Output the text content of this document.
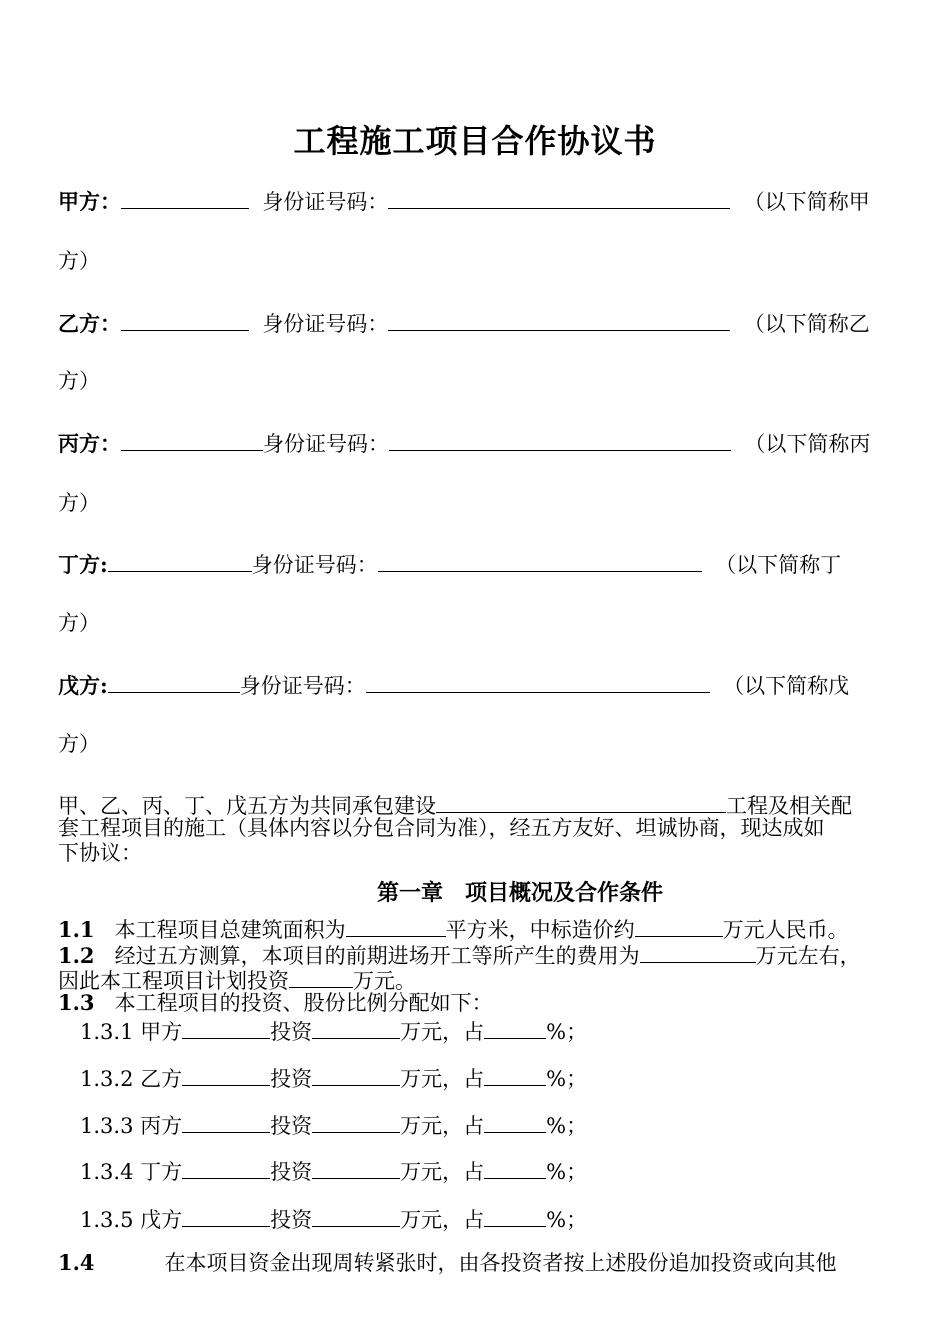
工程施工项目合作协议书
甲方：	身份证号码：	（以下简称甲
方）
乙方：	身份证号码：	（以下简称乙
方）
丙方：	身份证号码：	（以下简称丙
方）
丁方:	身份证号码：	（以下简称丁
方）
戊方:	身份证号码：	（以下简称戊
方）
甲、乙、丙、丁、戊五方为共同承包建设	工程及相关配
套工程项目的施工（具体内容以分包合同为准），经五方友好、坦诚协商，现达成如
下协议：
第一章　项目概况及合作条件
1.1 本工程项目总建筑面积为	平方米，中标造价约	万元人民币。
1.2 经过五方测算，本项目的前期进场开工等所产生的费用为	万元左右，
因此本工程项目计划投资	万元。
1.3 本工程项目的投资、股份比例分配如下：
1.3.1 甲方	投资	万元，占	%；
1.3.2 乙方	投资	万元，占	%；
1.3.3 丙方	投资	万元，占	%；
1.3.4 丁方	投资	万元，占	%；
1.3.5 戊方	投资	万元，占	%；
1.4	在本项目资金出现周转紧张时，由各投资者按上述股份追加投资或向其他
